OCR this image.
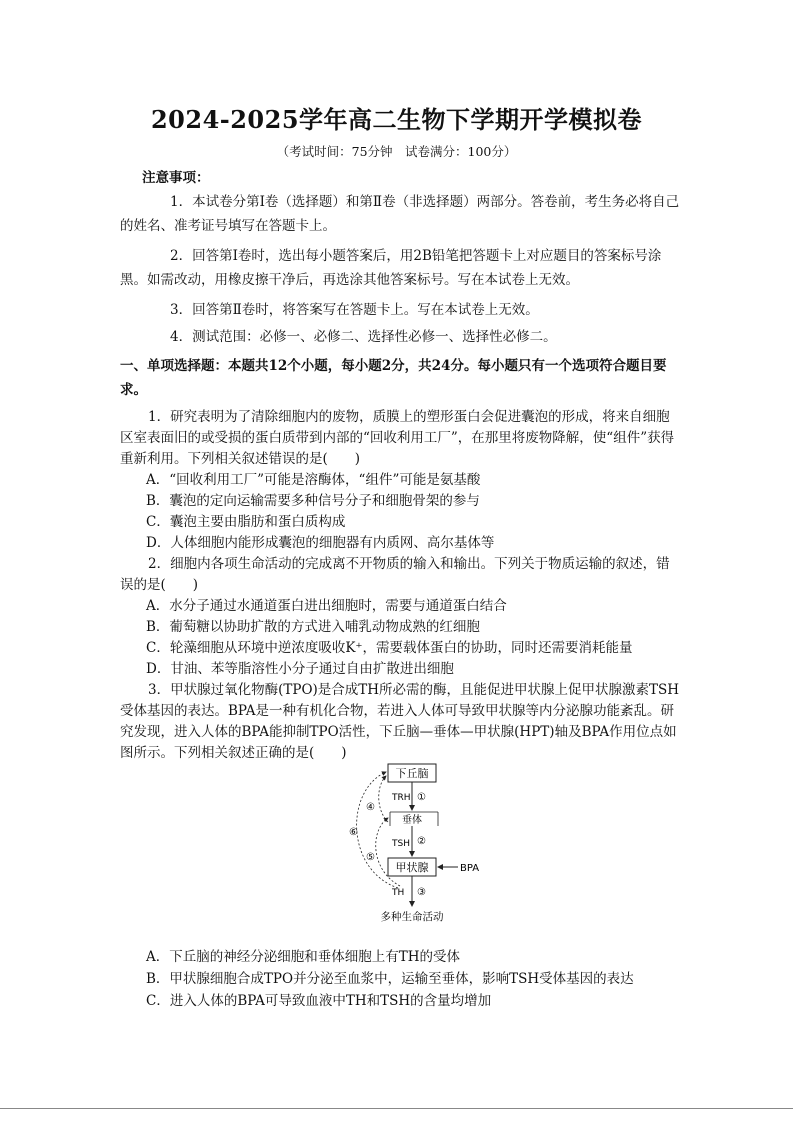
2024-2025学年高二生物下学期开学模拟卷
（考试时间：75分钟　试卷满分：100分）
注意事项：
1．本试卷分第Ⅰ卷（选择题）和第Ⅱ卷（非选择题）两部分。答卷前，考生务必将自己的姓名、准考证号填写在答题卡上。
2．回答第Ⅰ卷时，选出每小题答案后，用2B铅笔把答题卡上对应题目的答案标号涂黑。如需改动，用橡皮擦干净后，再选涂其他答案标号。写在本试卷上无效。
3．回答第Ⅱ卷时，将答案写在答题卡上。写在本试卷上无效。
4．测试范围：必修一、必修二、选择性必修一、选择性必修二。
一、单项选择题：本题共12个小题，每小题2分，共24分。每小题只有一个选项符合题目要求。
1．研究表明为了清除细胞内的废物，质膜上的塑形蛋白会促进囊泡的形成，将来自细胞区室表面旧的或受损的蛋白质带到内部的“回收利用工厂”，在那里将废物降解，使“组件”获得重新利用。下列相关叙述错误的是(　　)
A．“回收利用工厂”可能是溶酶体，“组件”可能是氨基酸
B．囊泡的定向运输需要多种信号分子和细胞骨架的参与
C．囊泡主要由脂肪和蛋白质构成
D．人体细胞内能形成囊泡的细胞器有内质网、高尔基体等
2．细胞内各项生命活动的完成离不开物质的输入和输出。下列关于物质运输的叙述，错误的是(　　)
A．水分子通过水通道蛋白进出细胞时，需要与通道蛋白结合
B．葡萄糖以协助扩散的方式进入哺乳动物成熟的红细胞
C．轮藻细胞从环境中逆浓度吸收K⁺，需要载体蛋白的协助，同时还需要消耗能量
D．甘油、苯等脂溶性小分子通过自由扩散进出细胞
3．甲状腺过氧化物酶(TPO)是合成TH所必需的酶，且能促进甲状腺上促甲状腺激素TSH受体基因的表达。BPA是一种有机化合物，若进入人体可导致甲状腺等内分泌腺功能紊乱。研究发现，进入人体的BPA能抑制TPO活性，下丘脑—垂体—甲状腺(HPT)轴及BPA作用位点如图所示。下列相关叙述正确的是(　　)
下丘脑
垂体
甲状腺
TRH ①
TSH ②
TH ③
BPA
④
⑥
⑤
多种生命活动
A．下丘脑的神经分泌细胞和垂体细胞上有TH的受体
B．甲状腺细胞合成TPO并分泌至血浆中，运输至垂体，影响TSH受体基因的表达
C．进入人体的BPA可导致血液中TH和TSH的含量均增加
